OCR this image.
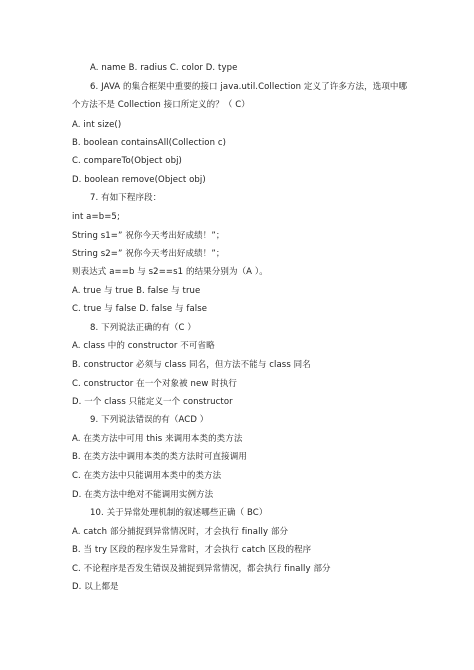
A. name B. radius C. color D. type
6. JAVA 的集合框架中重要的接口 java.util.Collection 定义了许多方法，选项中哪
个方法不是 Collection 接口所定义的？（ C）
A. int size()
B. boolean containsAll(Collection c)
C. compareTo(Object obj)
D. boolean remove(Object obj)
7. 有如下程序段：
int a=b=5;
String s1=” 祝你今天考出好成绩！”；
String s2=” 祝你今天考出好成绩！”；
则表达式 a==b 与 s2==s1 的结果分别为（A ）。
A. true 与 true B. false 与 true
C. true 与 false D. false 与 false
8. 下列说法正确的有（C ）
A. class 中的 constructor 不可省略
B. constructor 必须与 class 同名，但方法不能与 class 同名
C. constructor 在一个对象被 new 时执行
D. 一个 class 只能定义一个 constructor
9. 下列说法错误的有（ACD ）
A. 在类方法中可用 this 来调用本类的类方法
B. 在类方法中调用本类的类方法时可直接调用
C. 在类方法中只能调用本类中的类方法
D. 在类方法中绝对不能调用实例方法
10. 关于异常处理机制的叙述哪些正确（ BC）
A. catch 部分捕捉到异常情况时，才会执行 finally 部分
B. 当 try 区段的程序发生异常时，才会执行 catch 区段的程序
C. 不论程序是否发生错误及捕捉到异常情况，都会执行 finally 部分
D. 以上都是
